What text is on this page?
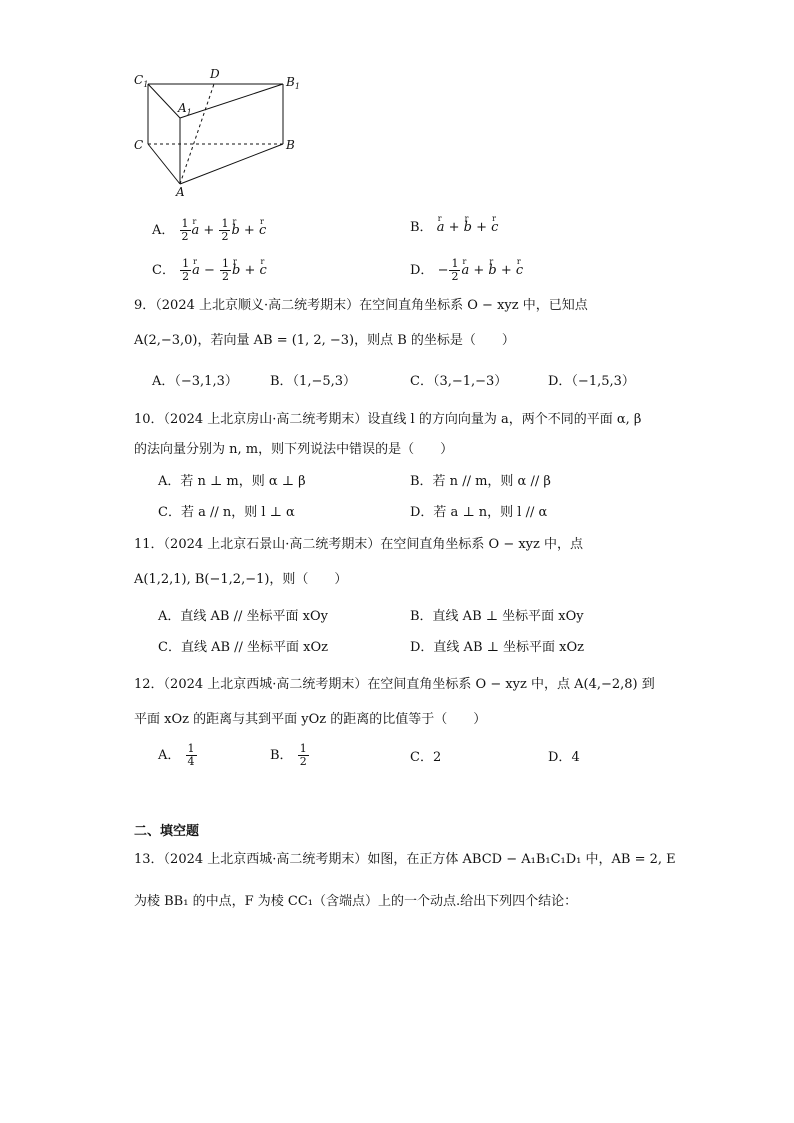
$C_1$
D
$B_1$
$A_1$
C	B
A
A． $\frac{1}{2}$ r $a + \frac{1}{2}$ r b + r c	B． r a + r b + r c
C． $\frac{1}{2}$ r $a - \frac{1}{2}$ r b + r c	D． − $\frac{1}{2}$ r a + r b + r c
9．（2024 上北京顺义·高二统考期末）在空间直角坐标系 O − xyz 中，已知点
A(2,−3,0)，若向量 AB = (1, 2, −3)，则点 B 的坐标是（　　）
A．（−3,1,3） B．（1,−5,3）	C．（3,−1,−3）	D．（−1,5,3）
10．（2024 上北京房山·高二统考期末）设直线 l 的方向向量为 a，两个不同的平面 α, β
的法向量分别为 n, m，则下列说法中错误的是（　　）
A．若 n ⊥ m，则 α ⊥ β	B．若 n // m，则 α // β
C．若 a // n，则 l ⊥ α	D．若 a ⊥ n，则 l // α
11．（2024 上北京石景山·高二统考期末）在空间直角坐标系 O − xyz 中，点
A(1,2,1), B(−1,2,−1)，则（　　）
A．直线 AB // 坐标平面 xOy	B．直线 AB ⊥ 坐标平面 xOy
C．直线 AB // 坐标平面 xOz	D．直线 AB ⊥ 坐标平面 xOz
12．（2024 上北京西城·高二统考期末）在空间直角坐标系 O − xyz 中，点 A(4,−2,8) 到
平面 xOz 的距离与其到平面 yOz 的距离的比值等于（　　）
A． $\frac{1}{4}$	B． $\frac{1}{2}$	C．2	D．4
二、填空题
13．（2024 上北京西城·高二统考期末）如图，在正方体 ABCD − A₁B₁C₁D₁ 中，AB = 2, E
为棱 BB₁ 的中点，F 为棱 CC₁（含端点）上的一个动点.给出下列四个结论：
